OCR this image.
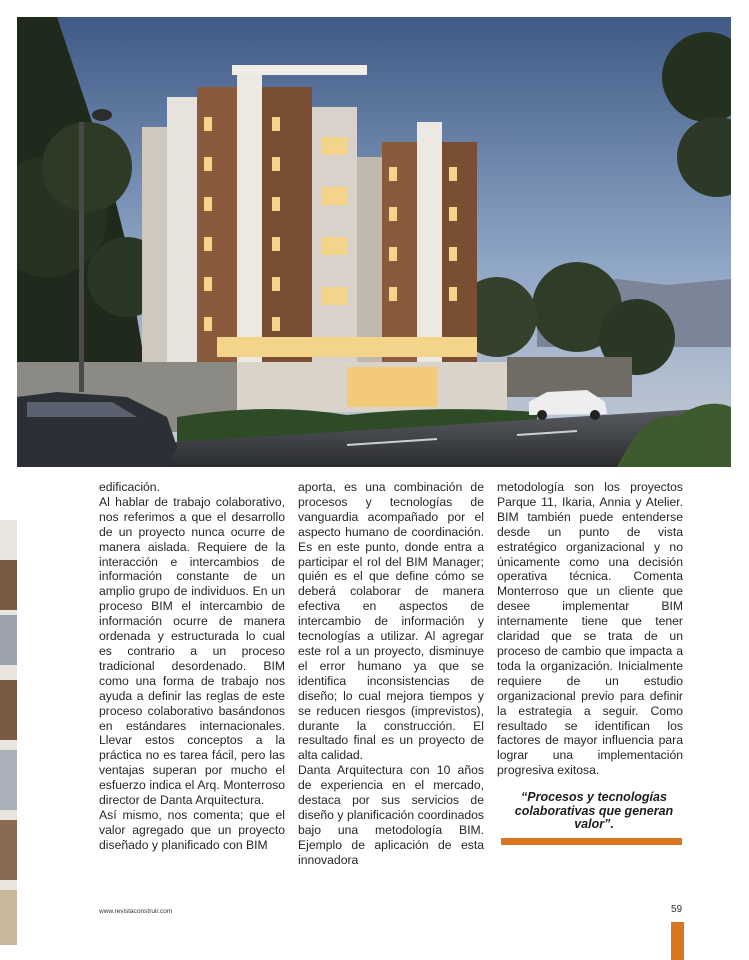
edificación.

Al hablar de trabajo colaborativo, nos referimos a que el desarrollo de un proyecto nunca ocurre de manera aislada. Requiere de la interacción e intercambios de información constante de un amplio grupo de individuos. En un proceso BIM el intercambio de información ocurre de manera ordenada y estructurada lo cual es contrario a un proceso tradicional desordenado. BIM como una forma de trabajo nos ayuda a definir las reglas de este proceso colaborativo basándonos en estándares internacionales. Llevar estos conceptos a la práctica no es tarea fácil, pero las ventajas superan por mucho el esfuerzo indica el Arq. Monterroso director de Danta Arquitectura.

Así mismo, nos comenta; que el valor agregado que un proyecto diseñado y planificado con BIM

aporta, es una combinación de procesos y tecnologías de vanguardia acompañado por el aspecto humano de coordinación. Es en este punto, donde entra a participar el rol del BIM Manager; quién es el que define cómo se deberá colaborar de manera efectiva en aspectos de intercambio de información y tecnologías a utilizar. Al agregar este rol a un proyecto, disminuye el error humano ya que se identifica inconsistencias de diseño; lo cual mejora tiempos y se reducen riesgos (imprevistos), durante la construcción. El resultado final es un proyecto de alta calidad.

Danta Arquitectura con 10 años de experiencia en el mercado, destaca por sus servicios de diseño y planificación coordinados bajo una metodología BIM. Ejemplo de aplicación de esta innovadora

metodología son los proyectos Parque 11, Ikaria, Annia y Atelier. BIM también puede entenderse desde un punto de vista estratégico organizacional y no únicamente como una decisión operativa técnica. Comenta Monterroso que un cliente que desee implementar BIM internamente tiene que tener claridad que se trata de un proceso de cambio que impacta a toda la organización. Inicialmente requiere de un estudio organizacional previo para definir la estrategia a seguir. Como resultado se identifican los factores de mayor influencia para lograr una implementación progresiva exitosa.

“Procesos y tecnologías colaborativas que generan valor”.
www.revistaconstruir.com	59
